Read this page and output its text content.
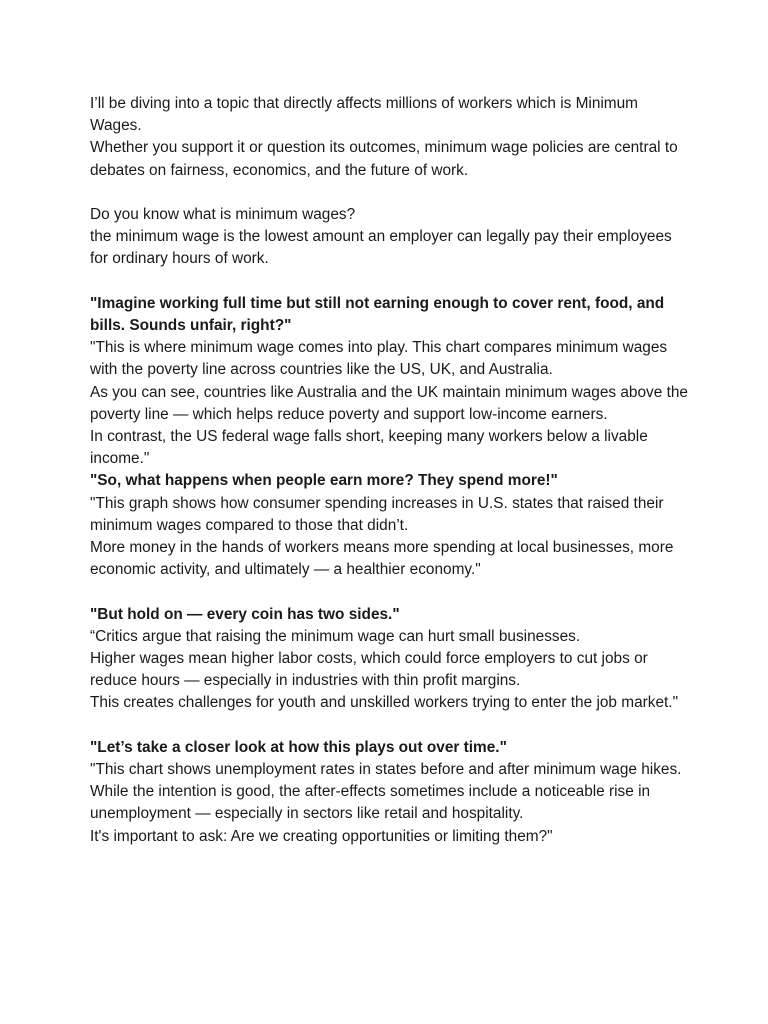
I’ll be diving into a topic that directly affects millions of workers which is Minimum Wages.
Whether you support it or question its outcomes, minimum wage policies are central to debates on fairness, economics, and the future of work.
Do you know what is minimum wages?
the minimum wage is the lowest amount an employer can legally pay their employees for ordinary hours of work.
"Imagine working full time but still not earning enough to cover rent, food, and bills. Sounds unfair, right?"
"This is where minimum wage comes into play. This chart compares minimum wages with the poverty line across countries like the US, UK, and Australia.
As you can see, countries like Australia and the UK maintain minimum wages above the poverty line — which helps reduce poverty and support low-income earners.
In contrast, the US federal wage falls short, keeping many workers below a livable income."
"So, what happens when people earn more? They spend more!"
"This graph shows how consumer spending increases in U.S. states that raised their minimum wages compared to those that didn’t.
More money in the hands of workers means more spending at local businesses, more economic activity, and ultimately — a healthier economy."
"But hold on — every coin has two sides."
“Critics argue that raising the minimum wage can hurt small businesses.
Higher wages mean higher labor costs, which could force employers to cut jobs or reduce hours — especially in industries with thin profit margins.
This creates challenges for youth and unskilled workers trying to enter the job market."
"Let’s take a closer look at how this plays out over time."
"This chart shows unemployment rates in states before and after minimum wage hikes.
While the intention is good, the after-effects sometimes include a noticeable rise in unemployment — especially in sectors like retail and hospitality.
It's important to ask: Are we creating opportunities or limiting them?"
